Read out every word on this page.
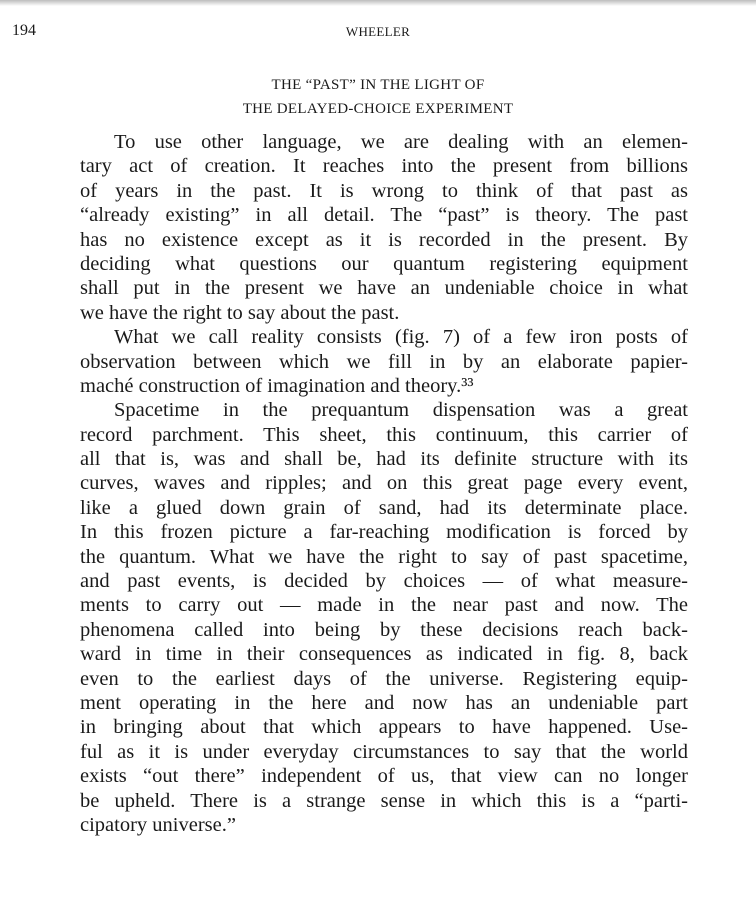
194	WHEELER
THE “PAST” IN THE LIGHT OF
THE DELAYED-CHOICE EXPERIMENT
To use other language, we are dealing with an elemen-
tary act of creation. It reaches into the present from billions
of years in the past. It is wrong to think of that past as
“already existing” in all detail. The “past” is theory. The past
has no existence except as it is recorded in the present. By
deciding what questions our quantum registering equipment
shall put in the present we have an undeniable choice in what
we have the right to say about the past.
What we call reality consists (fig. 7) of a few iron posts of
observation between which we fill in by an elaborate papier-
maché construction of imagination and theory.³³
Spacetime in the prequantum dispensation was a great
record parchment. This sheet, this continuum, this carrier of
all that is, was and shall be, had its definite structure with its
curves, waves and ripples; and on this great page every event,
like a glued down grain of sand, had its determinate place.
In this frozen picture a far-reaching modification is forced by
the quantum. What we have the right to say of past spacetime,
and past events, is decided by choices — of what measure-
ments to carry out — made in the near past and now. The
phenomena called into being by these decisions reach back-
ward in time in their consequences as indicated in fig. 8, back
even to the earliest days of the universe. Registering equip-
ment operating in the here and now has an undeniable part
in bringing about that which appears to have happened. Use-
ful as it is under everyday circumstances to say that the world
exists “out there” independent of us, that view can no longer
be upheld. There is a strange sense in which this is a “parti-
cipatory universe.”
